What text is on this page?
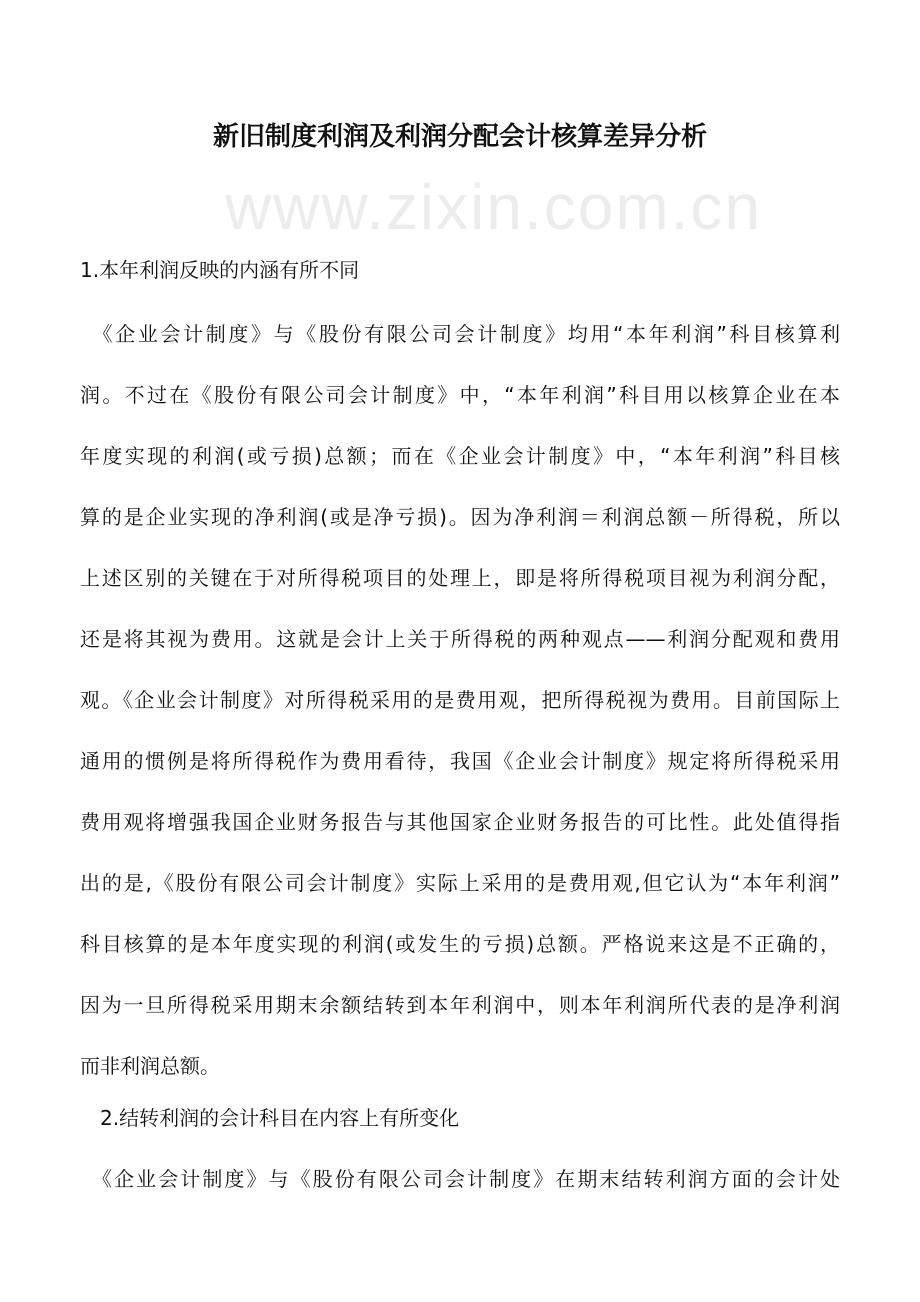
新旧制度利润及利润分配会计核算差异分析
www.zixin.com.cn
1.本年利润反映的内涵有所不同
　《企业会计制度》与《股份有限公司会计制度》均用“本年利润”科目核算利
润。不过在《股份有限公司会计制度》中，“本年利润”科目用以核算企业在本
年度实现的利润(或亏损)总额；而在《企业会计制度》中，“本年利润”科目核
算的是企业实现的净利润(或是净亏损)。因为净利润＝利润总额－所得税，所以
上述区别的关键在于对所得税项目的处理上，即是将所得税项目视为利润分配，
还是将其视为费用。这就是会计上关于所得税的两种观点——利润分配观和费用
观。《企业会计制度》对所得税采用的是费用观，把所得税视为费用。目前国际上
通用的惯例是将所得税作为费用看待，我国《企业会计制度》规定将所得税采用
费用观将增强我国企业财务报告与其他国家企业财务报告的可比性。此处值得指
出的是,《股份有限公司会计制度》实际上采用的是费用观,但它认为“本年利润”
科目核算的是本年度实现的利润(或发生的亏损)总额。严格说来这是不正确的，
因为一旦所得税采用期末余额结转到本年利润中，则本年利润所代表的是净利润
而非利润总额。
　2.结转利润的会计科目在内容上有所变化
　《企业会计制度》与《股份有限公司会计制度》在期末结转利润方面的会计处
